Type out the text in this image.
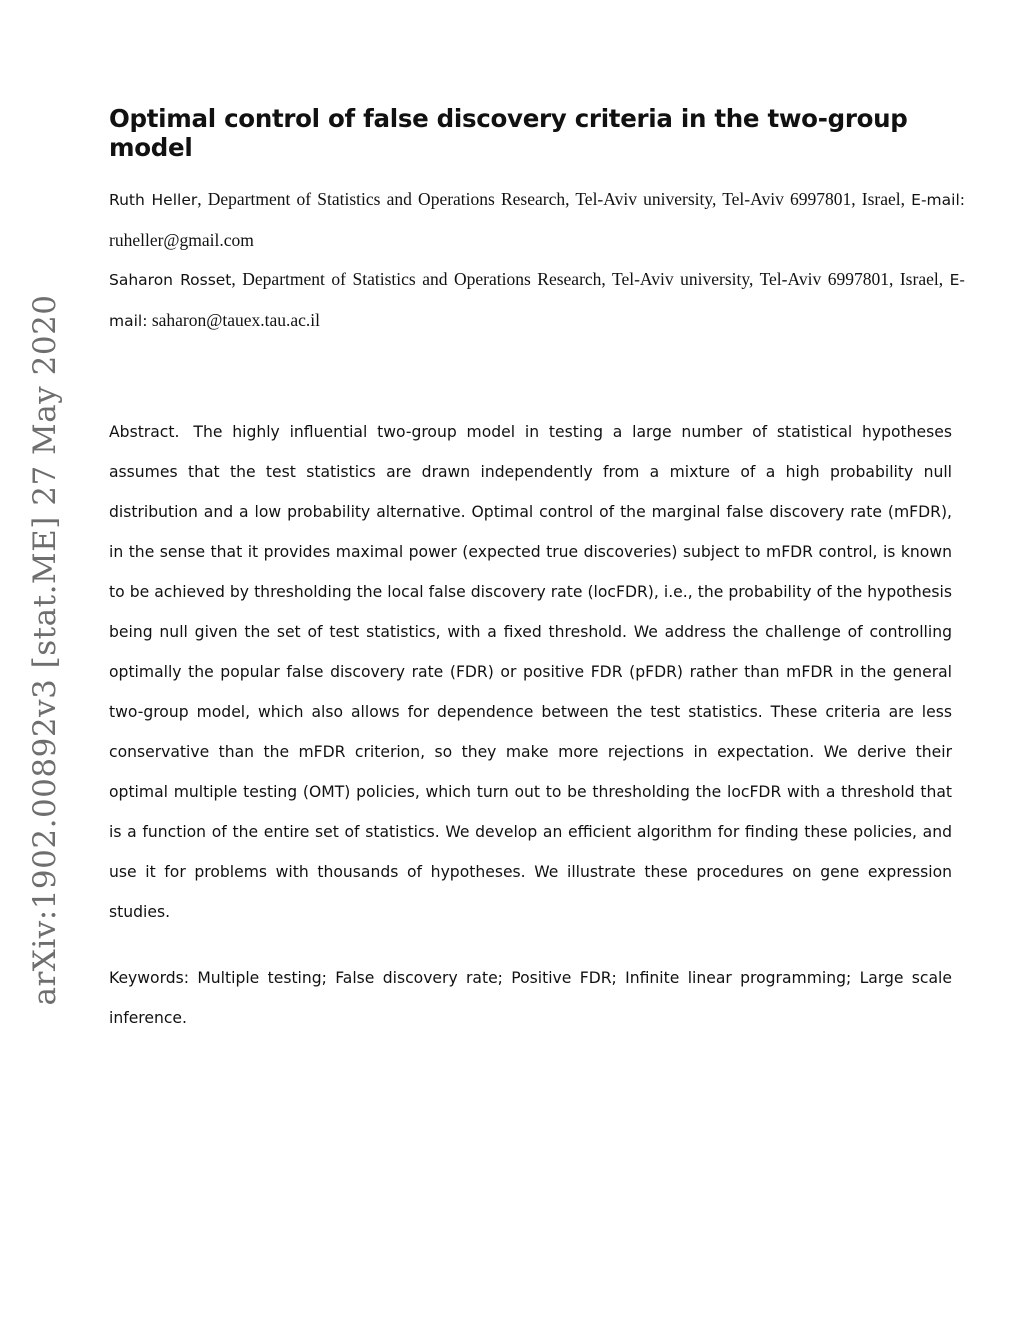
arXiv:1902.00892v3 [stat.ME] 27 May 2020
Optimal control of false discovery criteria in the two-group model
Ruth Heller, Department of Statistics and Operations Research, Tel-Aviv university, Tel-Aviv 6997801, Israel, E-mail: ruheller@gmail.com
Saharon Rosset, Department of Statistics and Operations Research, Tel-Aviv university, Tel-Aviv 6997801, Israel, E-mail: saharon@tauex.tau.ac.il

Abstract. The highly influential two-group model in testing a large number of statistical hypotheses assumes that the test statistics are drawn independently from a mixture of a high probability null distribution and a low probability alternative. Optimal control of the marginal false discovery rate (mFDR), in the sense that it provides maximal power (expected true discoveries) subject to mFDR control, is known to be achieved by thresholding the local false discovery rate (locFDR), i.e., the probability of the hypothesis being null given the set of test statistics, with a fixed threshold. We address the challenge of controlling optimally the popular false discovery rate (FDR) or positive FDR (pFDR) rather than mFDR in the general two-group model, which also allows for dependence between the test statistics. These criteria are less conservative than the mFDR criterion, so they make more rejections in expectation. We derive their optimal multiple testing (OMT) policies, which turn out to be thresholding the locFDR with a threshold that is a function of the entire set of statistics. We develop an efficient algorithm for finding these policies, and use it for problems with thousands of hypotheses. We illustrate these procedures on gene expression studies.

Keywords: Multiple testing; False discovery rate; Positive FDR; Infinite linear programming; Large scale inference.
